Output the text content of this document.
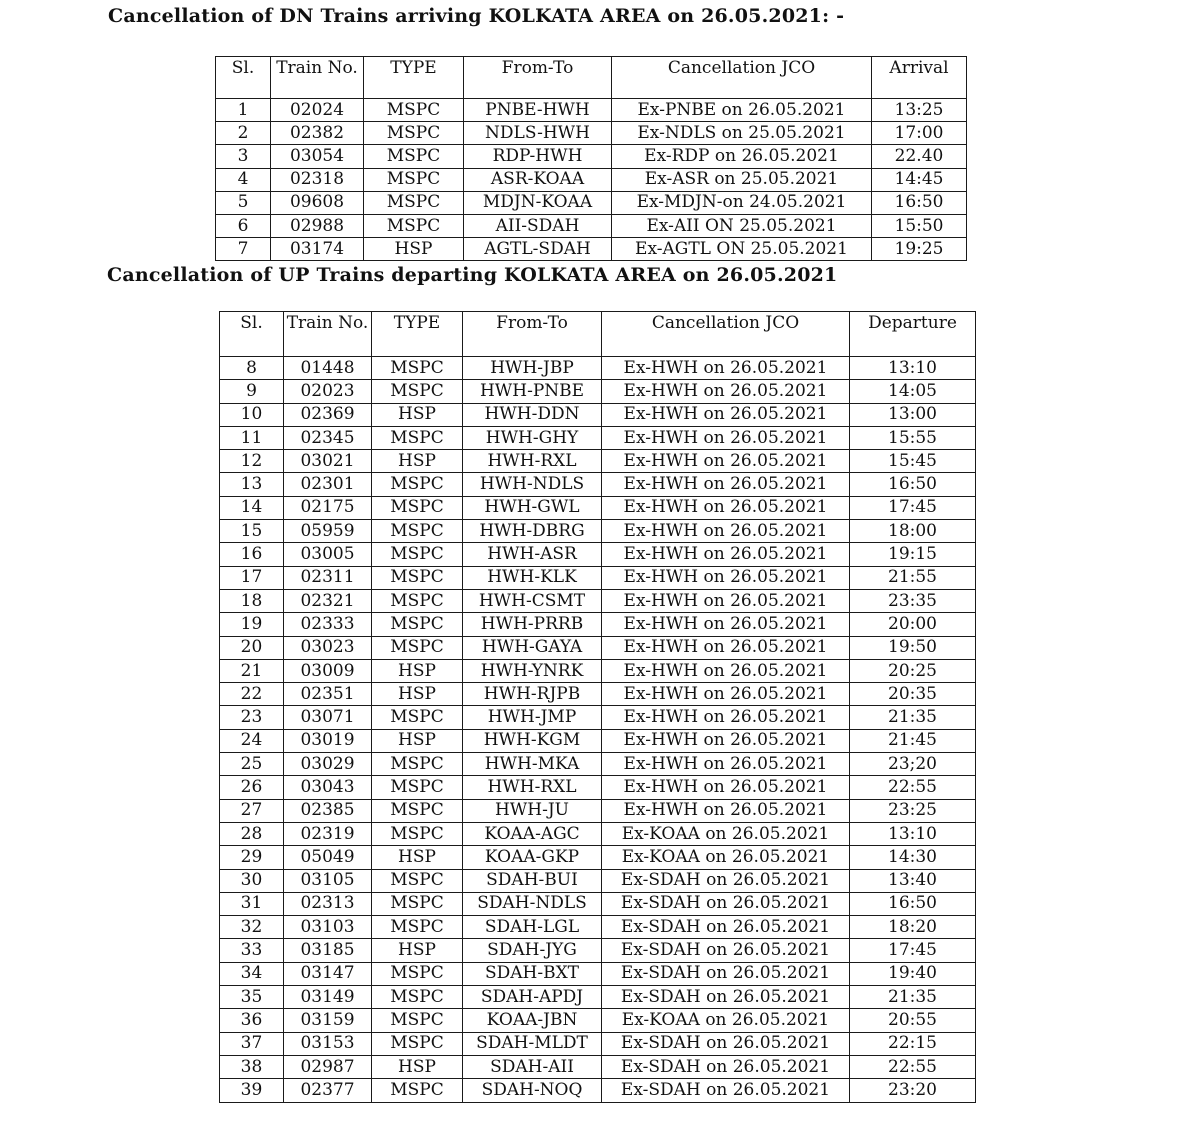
Cancellation of DN Trains arriving KOLKATA AREA on 26.05.2021: -
Sl.	Train No.	TYPE	From-To	Cancellation JCO	Arrival
1	02024	MSPC	PNBE-HWH	Ex-PNBE on 26.05.2021	13:25
2	02382	MSPC	NDLS-HWH	Ex-NDLS on 25.05.2021	17:00
3	03054	MSPC	RDP-HWH	Ex-RDP on 26.05.2021	22.40
4	02318	MSPC	ASR-KOAA	Ex-ASR on 25.05.2021	14:45
5	09608	MSPC	MDJN-KOAA	Ex-MDJN-on 24.05.2021	16:50
6	02988	MSPC	AII-SDAH	Ex-AII ON 25.05.2021	15:50
7	03174	HSP	AGTL-SDAH	Ex-AGTL ON 25.05.2021	19:25
Cancellation of UP Trains departing KOLKATA AREA on 26.05.2021
Sl.	Train No.	TYPE	From-To	Cancellation JCO	Departure
8	01448	MSPC	HWH-JBP	Ex-HWH on 26.05.2021	13:10
9	02023	MSPC	HWH-PNBE	Ex-HWH on 26.05.2021	14:05
10	02369	HSP	HWH-DDN	Ex-HWH on 26.05.2021	13:00
11	02345	MSPC	HWH-GHY	Ex-HWH on 26.05.2021	15:55
12	03021	HSP	HWH-RXL	Ex-HWH on 26.05.2021	15:45
13	02301	MSPC	HWH-NDLS	Ex-HWH on 26.05.2021	16:50
14	02175	MSPC	HWH-GWL	Ex-HWH on 26.05.2021	17:45
15	05959	MSPC	HWH-DBRG	Ex-HWH on 26.05.2021	18:00
16	03005	MSPC	HWH-ASR	Ex-HWH on 26.05.2021	19:15
17	02311	MSPC	HWH-KLK	Ex-HWH on 26.05.2021	21:55
18	02321	MSPC	HWH-CSMT	Ex-HWH on 26.05.2021	23:35
19	02333	MSPC	HWH-PRRB	Ex-HWH on 26.05.2021	20:00
20	03023	MSPC	HWH-GAYA	Ex-HWH on 26.05.2021	19:50
21	03009	HSP	HWH-YNRK	Ex-HWH on 26.05.2021	20:25
22	02351	HSP	HWH-RJPB	Ex-HWH on 26.05.2021	20:35
23	03071	MSPC	HWH-JMP	Ex-HWH on 26.05.2021	21:35
24	03019	HSP	HWH-KGM	Ex-HWH on 26.05.2021	21:45
25	03029	MSPC	HWH-MKA	Ex-HWH on 26.05.2021	23;20
26	03043	MSPC	HWH-RXL	Ex-HWH on 26.05.2021	22:55
27	02385	MSPC	HWH-JU	Ex-HWH on 26.05.2021	23:25
28	02319	MSPC	KOAA-AGC	Ex-KOAA on 26.05.2021	13:10
29	05049	HSP	KOAA-GKP	Ex-KOAA on 26.05.2021	14:30
30	03105	MSPC	SDAH-BUI	Ex-SDAH on 26.05.2021	13:40
31	02313	MSPC	SDAH-NDLS	Ex-SDAH on 26.05.2021	16:50
32	03103	MSPC	SDAH-LGL	Ex-SDAH on 26.05.2021	18:20
33	03185	HSP	SDAH-JYG	Ex-SDAH on 26.05.2021	17:45
34	03147	MSPC	SDAH-BXT	Ex-SDAH on 26.05.2021	19:40
35	03149	MSPC	SDAH-APDJ	Ex-SDAH on 26.05.2021	21:35
36	03159	MSPC	KOAA-JBN	Ex-KOAA on 26.05.2021	20:55
37	03153	MSPC	SDAH-MLDT	Ex-SDAH on 26.05.2021	22:15
38	02987	HSP	SDAH-AII	Ex-SDAH on 26.05.2021	22:55
39	02377	MSPC	SDAH-NOQ	Ex-SDAH on 26.05.2021	23:20
